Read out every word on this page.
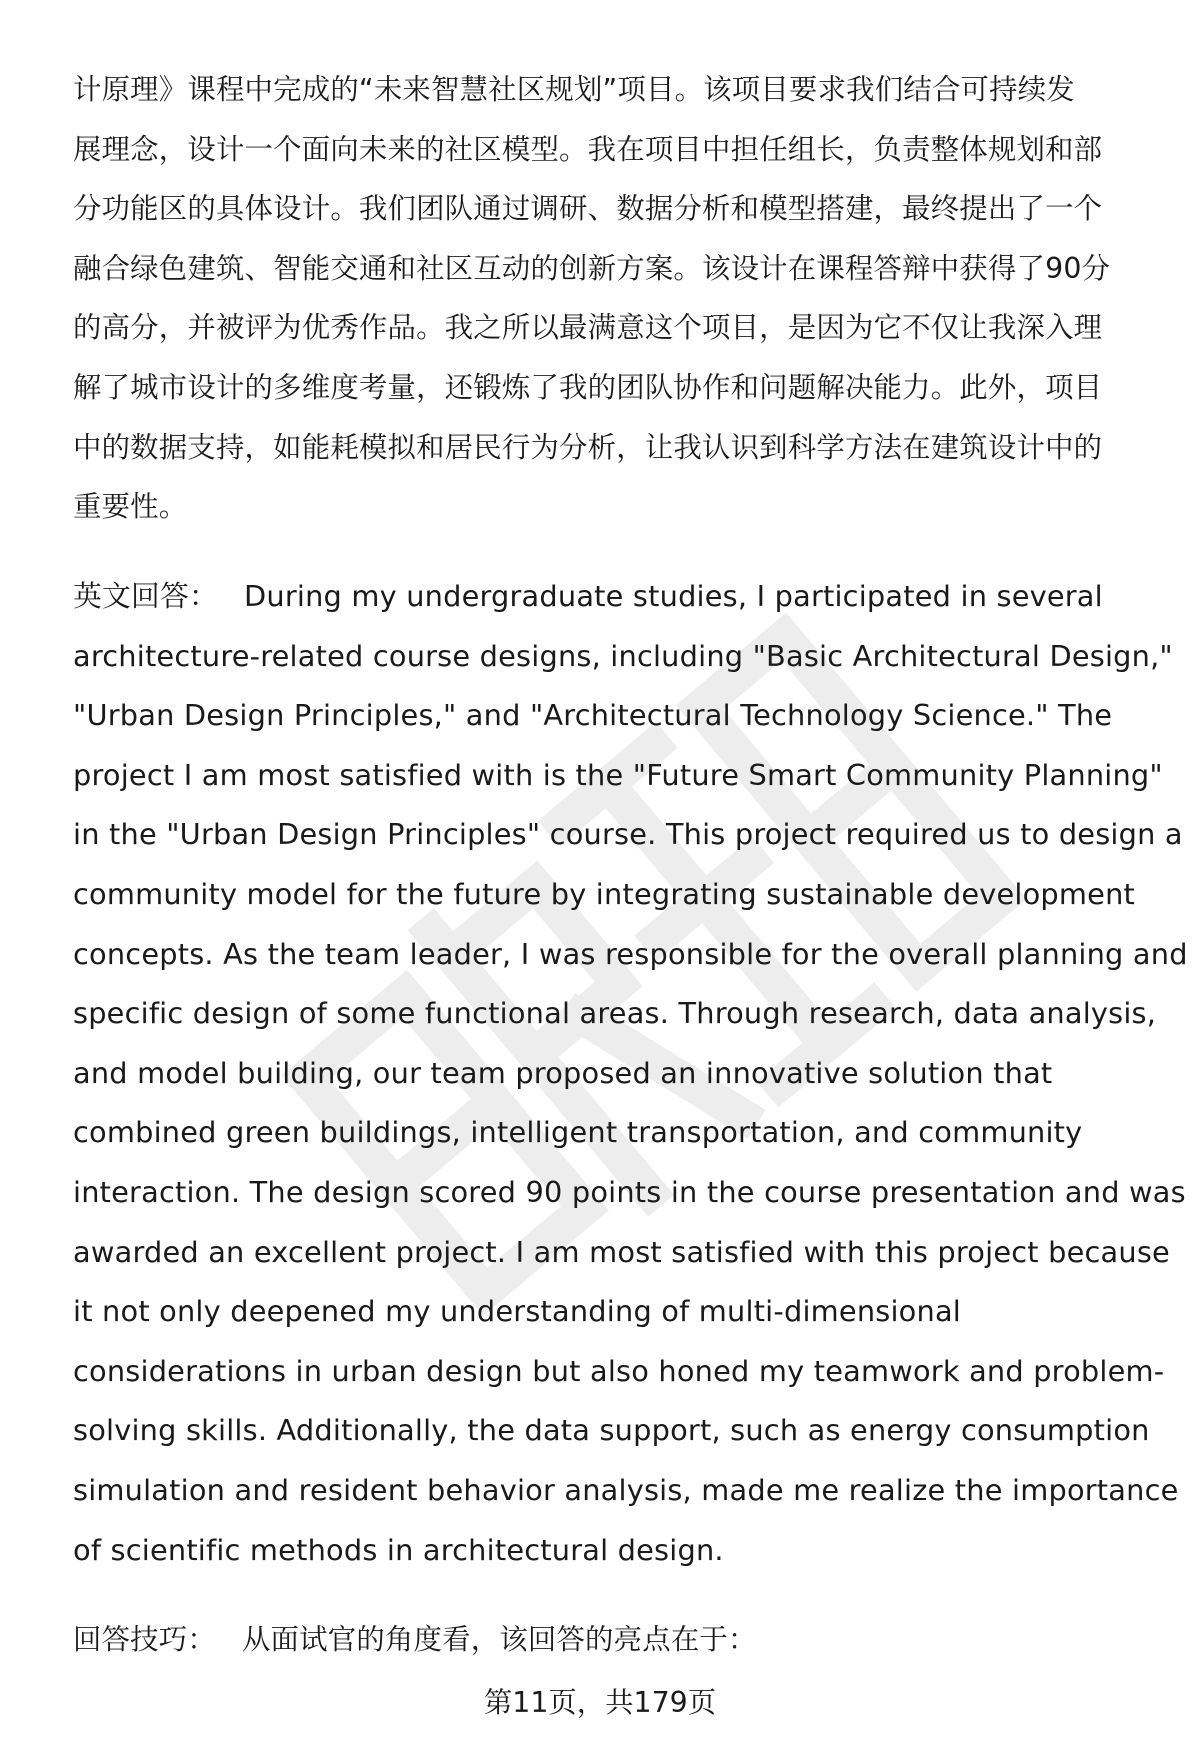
计原理》课程中完成的“未来智慧社区规划”项目。该项目要求我们结合可持续发
展理念，设计一个面向未来的社区模型。我在项目中担任组长，负责整体规划和部
分功能区的具体设计。我们团队通过调研、数据分析和模型搭建，最终提出了一个
融合绿色建筑、智能交通和社区互动的创新方案。该设计在课程答辩中获得了90分
的高分，并被评为优秀作品。我之所以最满意这个项目，是因为它不仅让我深入理
解了城市设计的多维度考量，还锻炼了我的团队协作和问题解决能力。此外，项目
中的数据支持，如能耗模拟和居民行为分析，让我认识到科学方法在建筑设计中的
重要性。
英文回答： During my undergraduate studies, I participated in several
architecture-related course designs, including "Basic Architectural Design,"
"Urban Design Principles," and "Architectural Technology Science." The
project I am most satisfied with is the "Future Smart Community Planning"
in the "Urban Design Principles" course. This project required us to design a
community model for the future by integrating sustainable development
concepts. As the team leader, I was responsible for the overall planning and
specific design of some functional areas. Through research, data analysis,
and model building, our team proposed an innovative solution that
combined green buildings, intelligent transportation, and community
interaction. The design scored 90 points in the course presentation and was
awarded an excellent project. I am most satisfied with this project because
it not only deepened my understanding of multi-dimensional
considerations in urban design but also honed my teamwork and problem-
solving skills. Additionally, the data support, such as energy consumption
simulation and resident behavior analysis, made me realize the importance
of scientific methods in architectural design.
回答技巧： 从面试官的角度看，该回答的亮点在于：
第11页，共179页
